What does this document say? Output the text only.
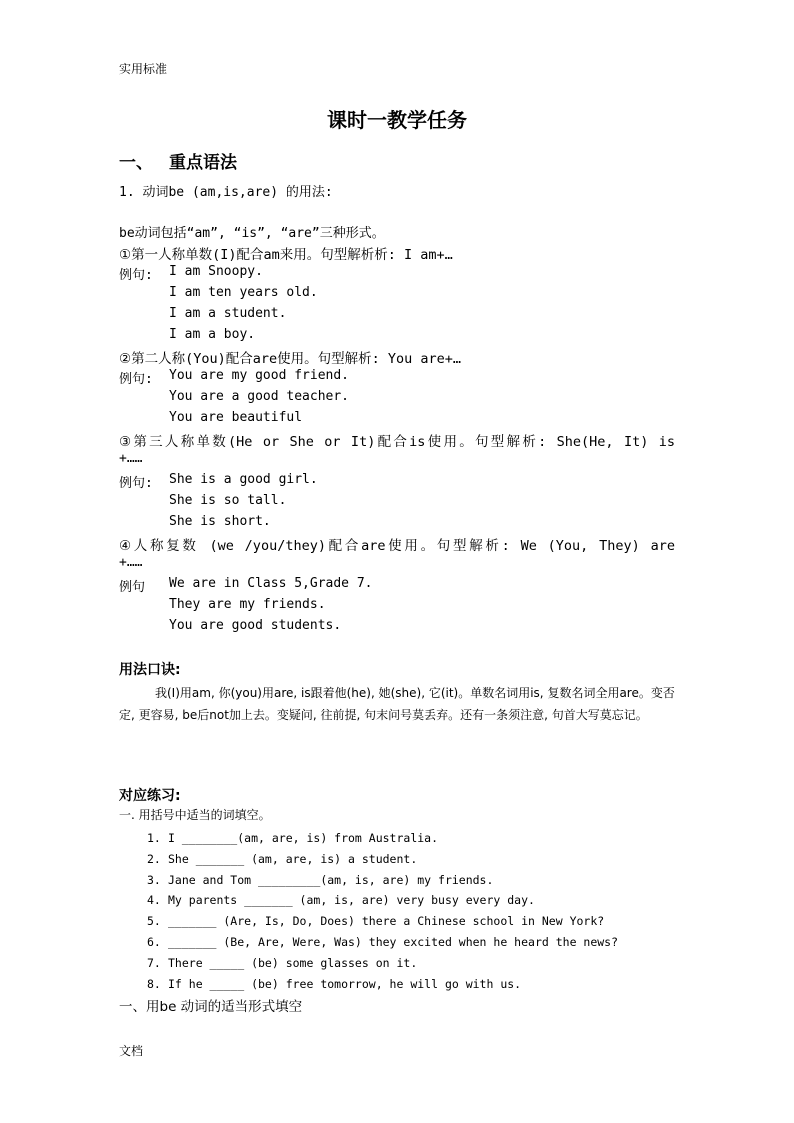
实用标准
课时一教学任务
一、 重点语法
1. 动词be (am,is,are) 的用法:
be动词包括“am”, “is”, “are”三种形式。
①第一人称单数(I)配合am来用。句型解析析: I am+…
例句: I am Snoopy.
I am ten years old.
I am a student.
I am a boy.
②第二人称(You)配合are使用。句型解析: You are+…
例句: You are my good friend.
You are a good teacher.
You are beautiful
③第三人称单数(He or She or It)配合is使用。句型解析: She(He, It) is
+……
例句: She is a good girl.
She is so tall.
She is short.
④人称复数 (we /you/they)配合are使用。句型解析: We (You, They) are
+……
例句 We are in Class 5,Grade 7.
They are my friends.
You are good students.
用法口诀:
我(I)用am, 你(you)用are, is跟着他(he), 她(she), 它(it)。单数名词用is, 复数名词全用are。变否定, 更容易, be后not加上去。变疑问, 往前提, 句末问号莫丢弃。还有一条须注意, 句首大写莫忘记。
对应练习:
一. 用括号中适当的词填空。
1. I ________(am, are, is) from Australia.
2. She _______ (am, are, is) a student.
3. Jane and Tom _________(am, is, are) my friends.
4. My parents _______ (am, is, are) very busy every day.
5. _______ (Are, Is, Do, Does) there a Chinese school in New York?
6. _______ (Be, Are, Were, Was) they excited when he heard the news?
7. There _____ (be) some glasses on it.
8. If he _____ (be) free tomorrow, he will go with us.
一、用be 动词的适当形式填空
文档
